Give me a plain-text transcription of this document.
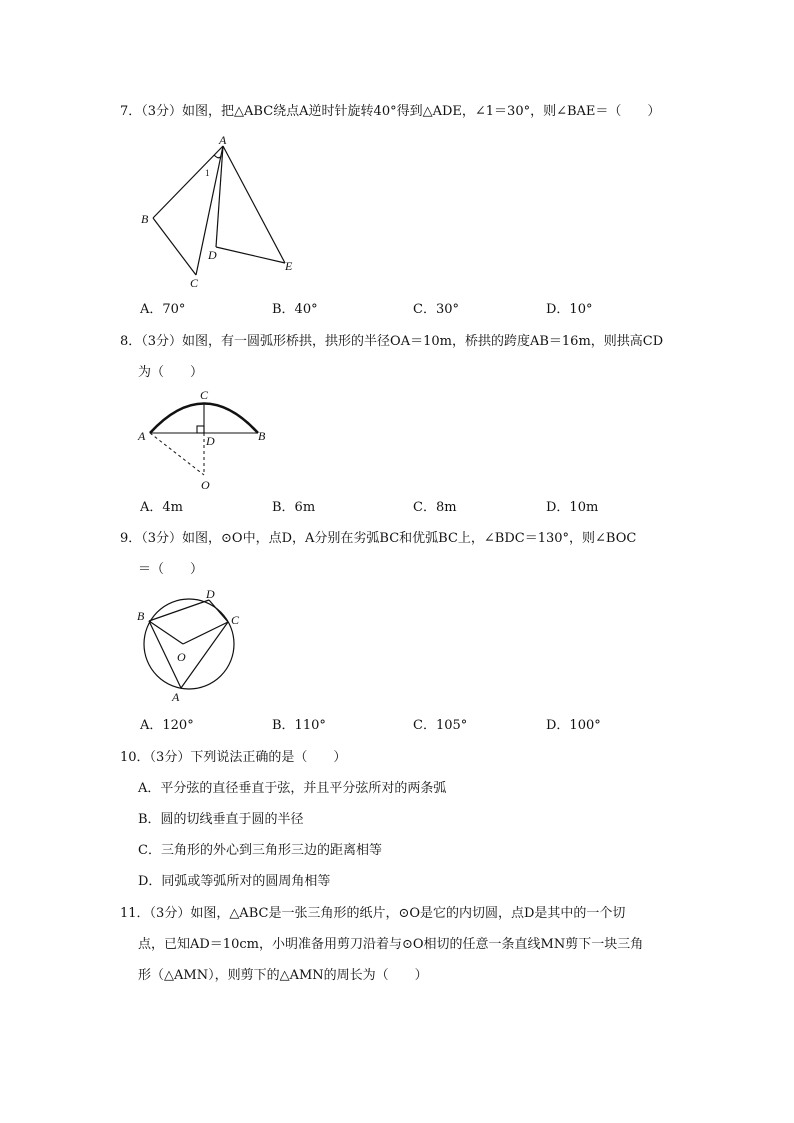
7．（3分）如图，把△ABC绕点A逆时针旋转40°得到△ADE，∠1＝30°，则∠BAE＝（　　）
A
B
C
D
E
1
A．70°	B．40°	C．30°	D．10°
8．（3分）如图，有一圆弧形桥拱，拱形的半径OA＝10m，桥拱的跨度AB＝16m，则拱高CD
为（　　）
A	B
C
D
O
A．4m	B．6m	C．8m	D．10m
9．（3分）如图，⊙O中，点D，A分别在劣弧BC和优弧BC上，∠BDC＝130°，则∠BOC
＝（　　）
B
D
C
O
A
A．120°	B．110°	C．105°	D．100°
10．（3分）下列说法正确的是（　　）
A．平分弦的直径垂直于弦，并且平分弦所对的两条弧
B．圆的切线垂直于圆的半径
C．三角形的外心到三角形三边的距离相等
D．同弧或等弧所对的圆周角相等
11．（3分）如图，△ABC是一张三角形的纸片，⊙O是它的内切圆，点D是其中的一个切
点，已知AD＝10cm，小明准备用剪刀沿着与⊙O相切的任意一条直线MN剪下一块三角
形（△AMN），则剪下的△AMN的周长为（　　）
